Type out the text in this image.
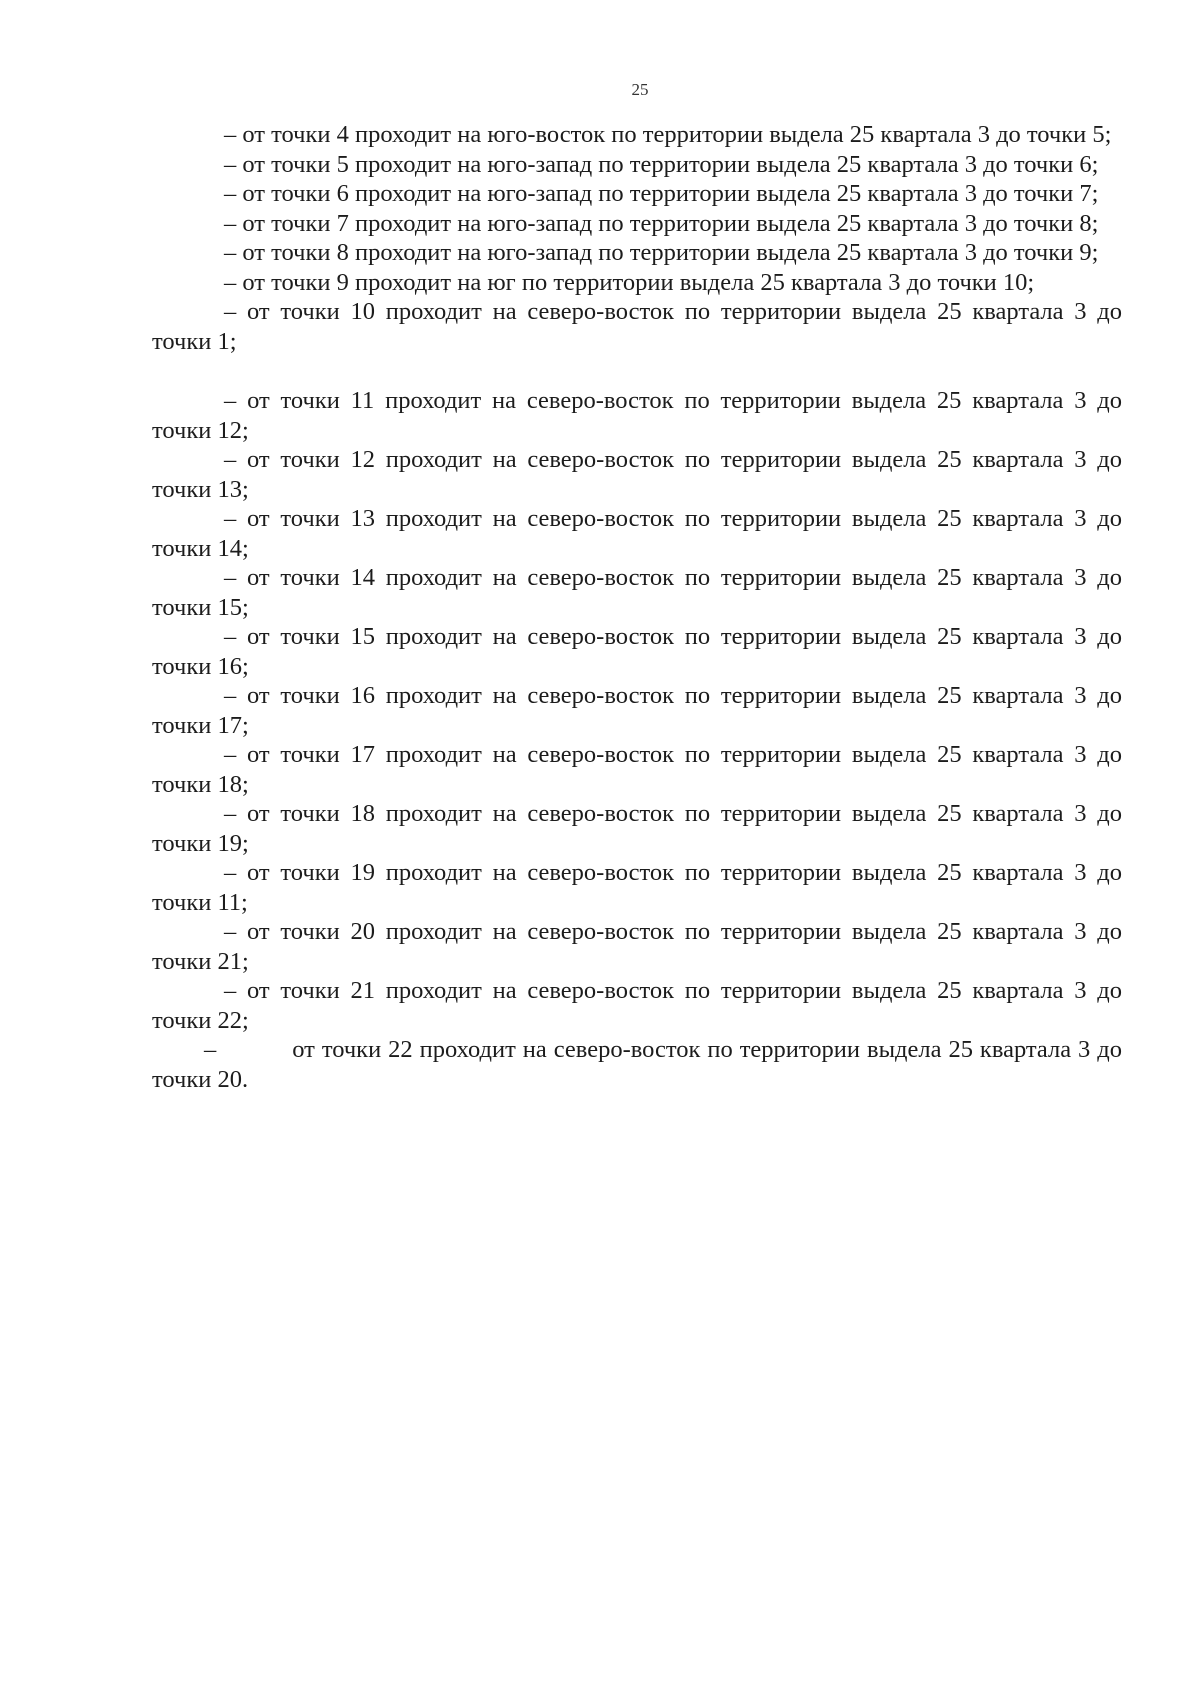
25

– от точки 4 проходит на юго-восток по территории выдела 25 квартала 3 до точки 5;

– от точки 5 проходит на юго-запад по территории выдела 25 квартала 3 до точки 6;

– от точки 6 проходит на юго-запад по территории выдела 25 квартала 3 до точки 7;

– от точки 7 проходит на юго-запад по территории выдела 25 квартала 3 до точки 8;

– от точки 8 проходит на юго-запад по территории выдела 25 квартала 3 до точки 9;

– от точки 9 проходит на юг по территории выдела 25 квартала 3 до точки 10;

– от точки 10 проходит на северо-восток по территории выдела 25 квартала 3 до точки 1;

– от точки 11 проходит на северо-восток по территории выдела 25 квартала 3 до точки 12;

– от точки 12 проходит на северо-восток по территории выдела 25 квартала 3 до точки 13;

– от точки 13 проходит на северо-восток по территории выдела 25 квартала 3 до точки 14;

– от точки 14 проходит на северо-восток по территории выдела 25 квартала 3 до точки 15;

– от точки 15 проходит на северо-восток по территории выдела 25 квартала 3 до точки 16;

– от точки 16 проходит на северо-восток по территории выдела 25 квартала 3 до точки 17;

– от точки 17 проходит на северо-восток по территории выдела 25 квартала 3 до точки 18;

– от точки 18 проходит на северо-восток по территории выдела 25 квартала 3 до точки 19;

– от точки 19 проходит на северо-восток по территории выдела 25 квартала 3 до точки 11;

– от точки 20 проходит на северо-восток по территории выдела 25 квартала 3 до точки 21;

– от точки 21 проходит на северо-восток по территории выдела 25 квартала 3 до точки 22;

–	от точки 22 проходит на северо-восток по территории выдела 25 квартала 3 до точки 20.
